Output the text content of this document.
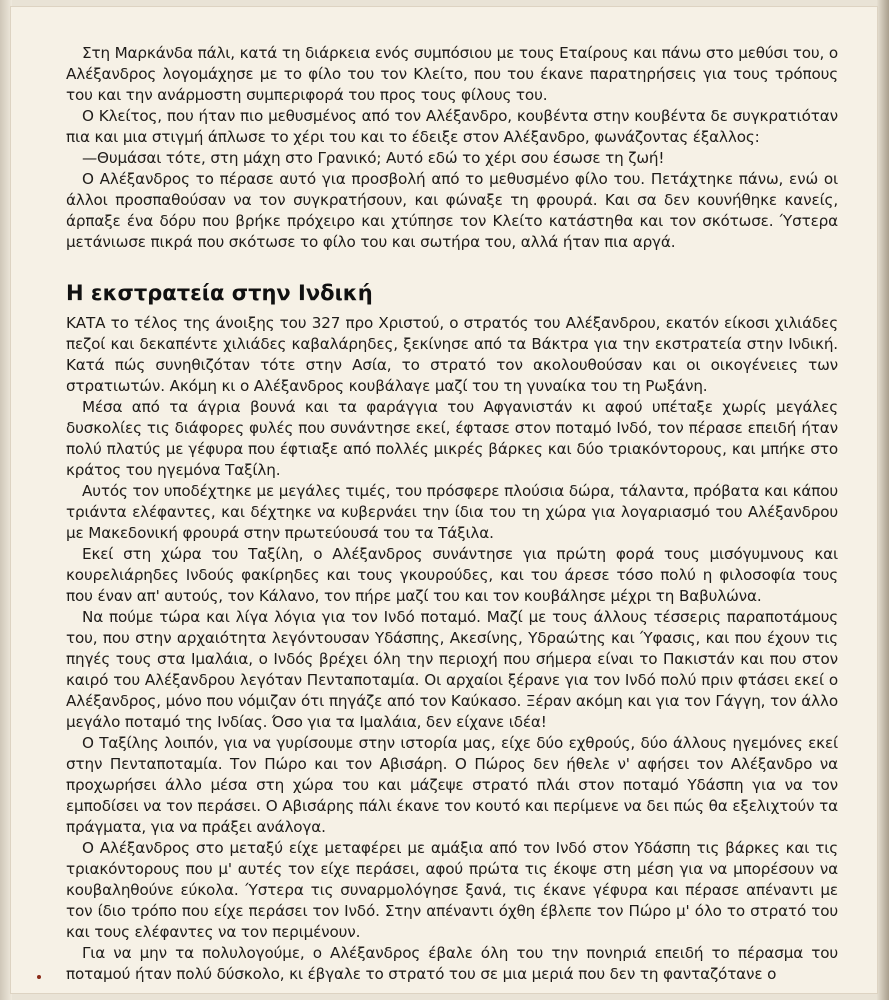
Στη Μαρκάνδα πάλι, κατά τη διάρκεια ενός συμπόσιου με τους Εταίρους και πάνω στο μεθύσι του, ο Αλέξανδρος λογομάχησε με το φίλο του τον Κλείτο, που του έκανε παρατηρήσεις για τους τρόπους του και την ανάρμοστη συμπεριφορά του προς τους φίλους του.

Ο Κλείτος, που ήταν πιο μεθυσμένος από τον Αλέξανδρο, κουβέντα στην κουβέντα δε συγκρατιόταν πια και μια στιγμή άπλωσε το χέρι του και το έδειξε στον Αλέξανδρο, φωνάζοντας έξαλλος:

—Θυμάσαι τότε, στη μάχη στο Γρανικό; Αυτό εδώ το χέρι σου έσωσε τη ζωή!

Ο Αλέξανδρος το πέρασε αυτό για προσβολή από το μεθυσμένο φίλο του. Πετάχτηκε πάνω, ενώ οι άλλοι προσπαθούσαν να τον συγκρατήσουν, και φώναξε τη φρουρά. Και σα δεν κουνήθηκε κανείς, άρπαξε ένα δόρυ που βρήκε πρόχειρο και χτύπησε τον Κλείτο κατάστηθα και τον σκότωσε. Ύστερα μετάνιωσε πικρά που σκότωσε το φίλο του και σωτήρα του, αλλά ήταν πια αργά.

Η εκστρατεία στην Ινδική

ΚΑΤΑ το τέλος της άνοιξης του 327 προ Χριστού, ο στρατός του Αλέξανδρου, εκατόν είκοσι χιλιάδες πεζοί και δεκαπέντε χιλιάδες καβαλάρηδες, ξεκίνησε από τα Βάκτρα για την εκστρατεία στην Ινδική. Κατά πώς συνηθιζόταν τότε στην Ασία, το στρατό τον ακολουθούσαν και οι οικογένειες των στρατιωτών. Ακόμη κι ο Αλέξανδρος κουβάλαγε μαζί του τη γυναίκα του τη Ρωξάνη.

Μέσα από τα άγρια βουνά και τα φαράγγια του Αφγανιστάν κι αφού υπέταξε χωρίς μεγάλες δυσκολίες τις διάφορες φυλές που συνάντησε εκεί, έφτασε στον ποταμό Ινδό, τον πέρασε επειδή ήταν πολύ πλατύς με γέφυρα που έφτιαξε από πολλές μικρές βάρκες και δύο τριακόντορους, και μπήκε στο κράτος του ηγεμόνα Ταξίλη.

Αυτός τον υποδέχτηκε με μεγάλες τιμές, του πρόσφερε πλούσια δώρα, τάλαντα, πρόβατα και κάπου τριάντα ελέφαντες, και δέχτηκε να κυβερνάει την ίδια του τη χώρα για λογαριασμό του Αλέξανδρου με Μακεδονική φρουρά στην πρωτεύουσά του τα Τάξιλα.

Εκεί στη χώρα του Ταξίλη, ο Αλέξανδρος συνάντησε για πρώτη φορά τους μισόγυμνους και κουρελιάρηδες Ινδούς φακίρηδες και τους γκουρούδες, και του άρεσε τόσο πολύ η φιλοσοφία τους που έναν απ' αυτούς, τον Κάλανο, τον πήρε μαζί του και τον κουβάλησε μέχρι τη Βαβυλώνα.

Να πούμε τώρα και λίγα λόγια για τον Ινδό ποταμό. Μαζί με τους άλλους τέσσερις παραποτάμους του, που στην αρχαιότητα λεγόντουσαν Υδάσπης, Ακεσίνης, Υδραώτης και Ύφασις, και που έχουν τις πηγές τους στα Ιμαλάια, ο Ινδός βρέχει όλη την περιοχή που σήμερα είναι το Πακιστάν και που στον καιρό του Αλέξανδρου λεγόταν Πενταποταμία. Οι αρχαίοι ξέρανε για τον Ινδό πολύ πριν φτάσει εκεί ο Αλέξανδρος, μόνο που νόμιζαν ότι πηγάζε από τον Καύκασο. Ξέραν ακόμη και για τον Γάγγη, τον άλλο μεγάλο ποταμό της Ινδίας. Όσο για τα Ιμαλάια, δεν είχανε ιδέα!

Ο Ταξίλης λοιπόν, για να γυρίσουμε στην ιστορία μας, είχε δύο εχθρούς, δύο άλλους ηγεμόνες εκεί στην Πενταποταμία. Τον Πώρο και τον Αβισάρη. Ο Πώρος δεν ήθελε ν' αφήσει τον Αλέξανδρο να προχωρήσει άλλο μέσα στη χώρα του και μάζεψε στρατό πλάι στον ποταμό Υδάσπη για να τον εμποδίσει να τον περάσει. Ο Αβισάρης πάλι έκανε τον κουτό και περίμενε να δει πώς θα εξελιχτούν τα πράγματα, για να πράξει ανάλογα.

Ο Αλέξανδρος στο μεταξύ είχε μεταφέρει με αμάξια από τον Ινδό στον Υδάσπη τις βάρκες και τις τριακόντορους που μ' αυτές τον είχε περάσει, αφού πρώτα τις έκοψε στη μέση για να μπορέσουν να κουβαληθούνε εύκολα. Ύστερα τις συναρμολόγησε ξανά, τις έκανε γέφυρα και πέρασε απέναντι με τον ίδιο τρόπο που είχε περάσει τον Ινδό. Στην απέναντι όχθη έβλεπε τον Πώρο μ' όλο το στρατό του και τους ελέφαντες να τον περιμένουν.

Για να μην τα πολυλογούμε, ο Αλέξανδρος έβαλε όλη του την πονηριά επειδή το πέρασμα του ποταμού ήταν πολύ δύσκολο, κι έβγαλε το στρατό του σε μια μεριά που δεν τη φανταζότανε ο
